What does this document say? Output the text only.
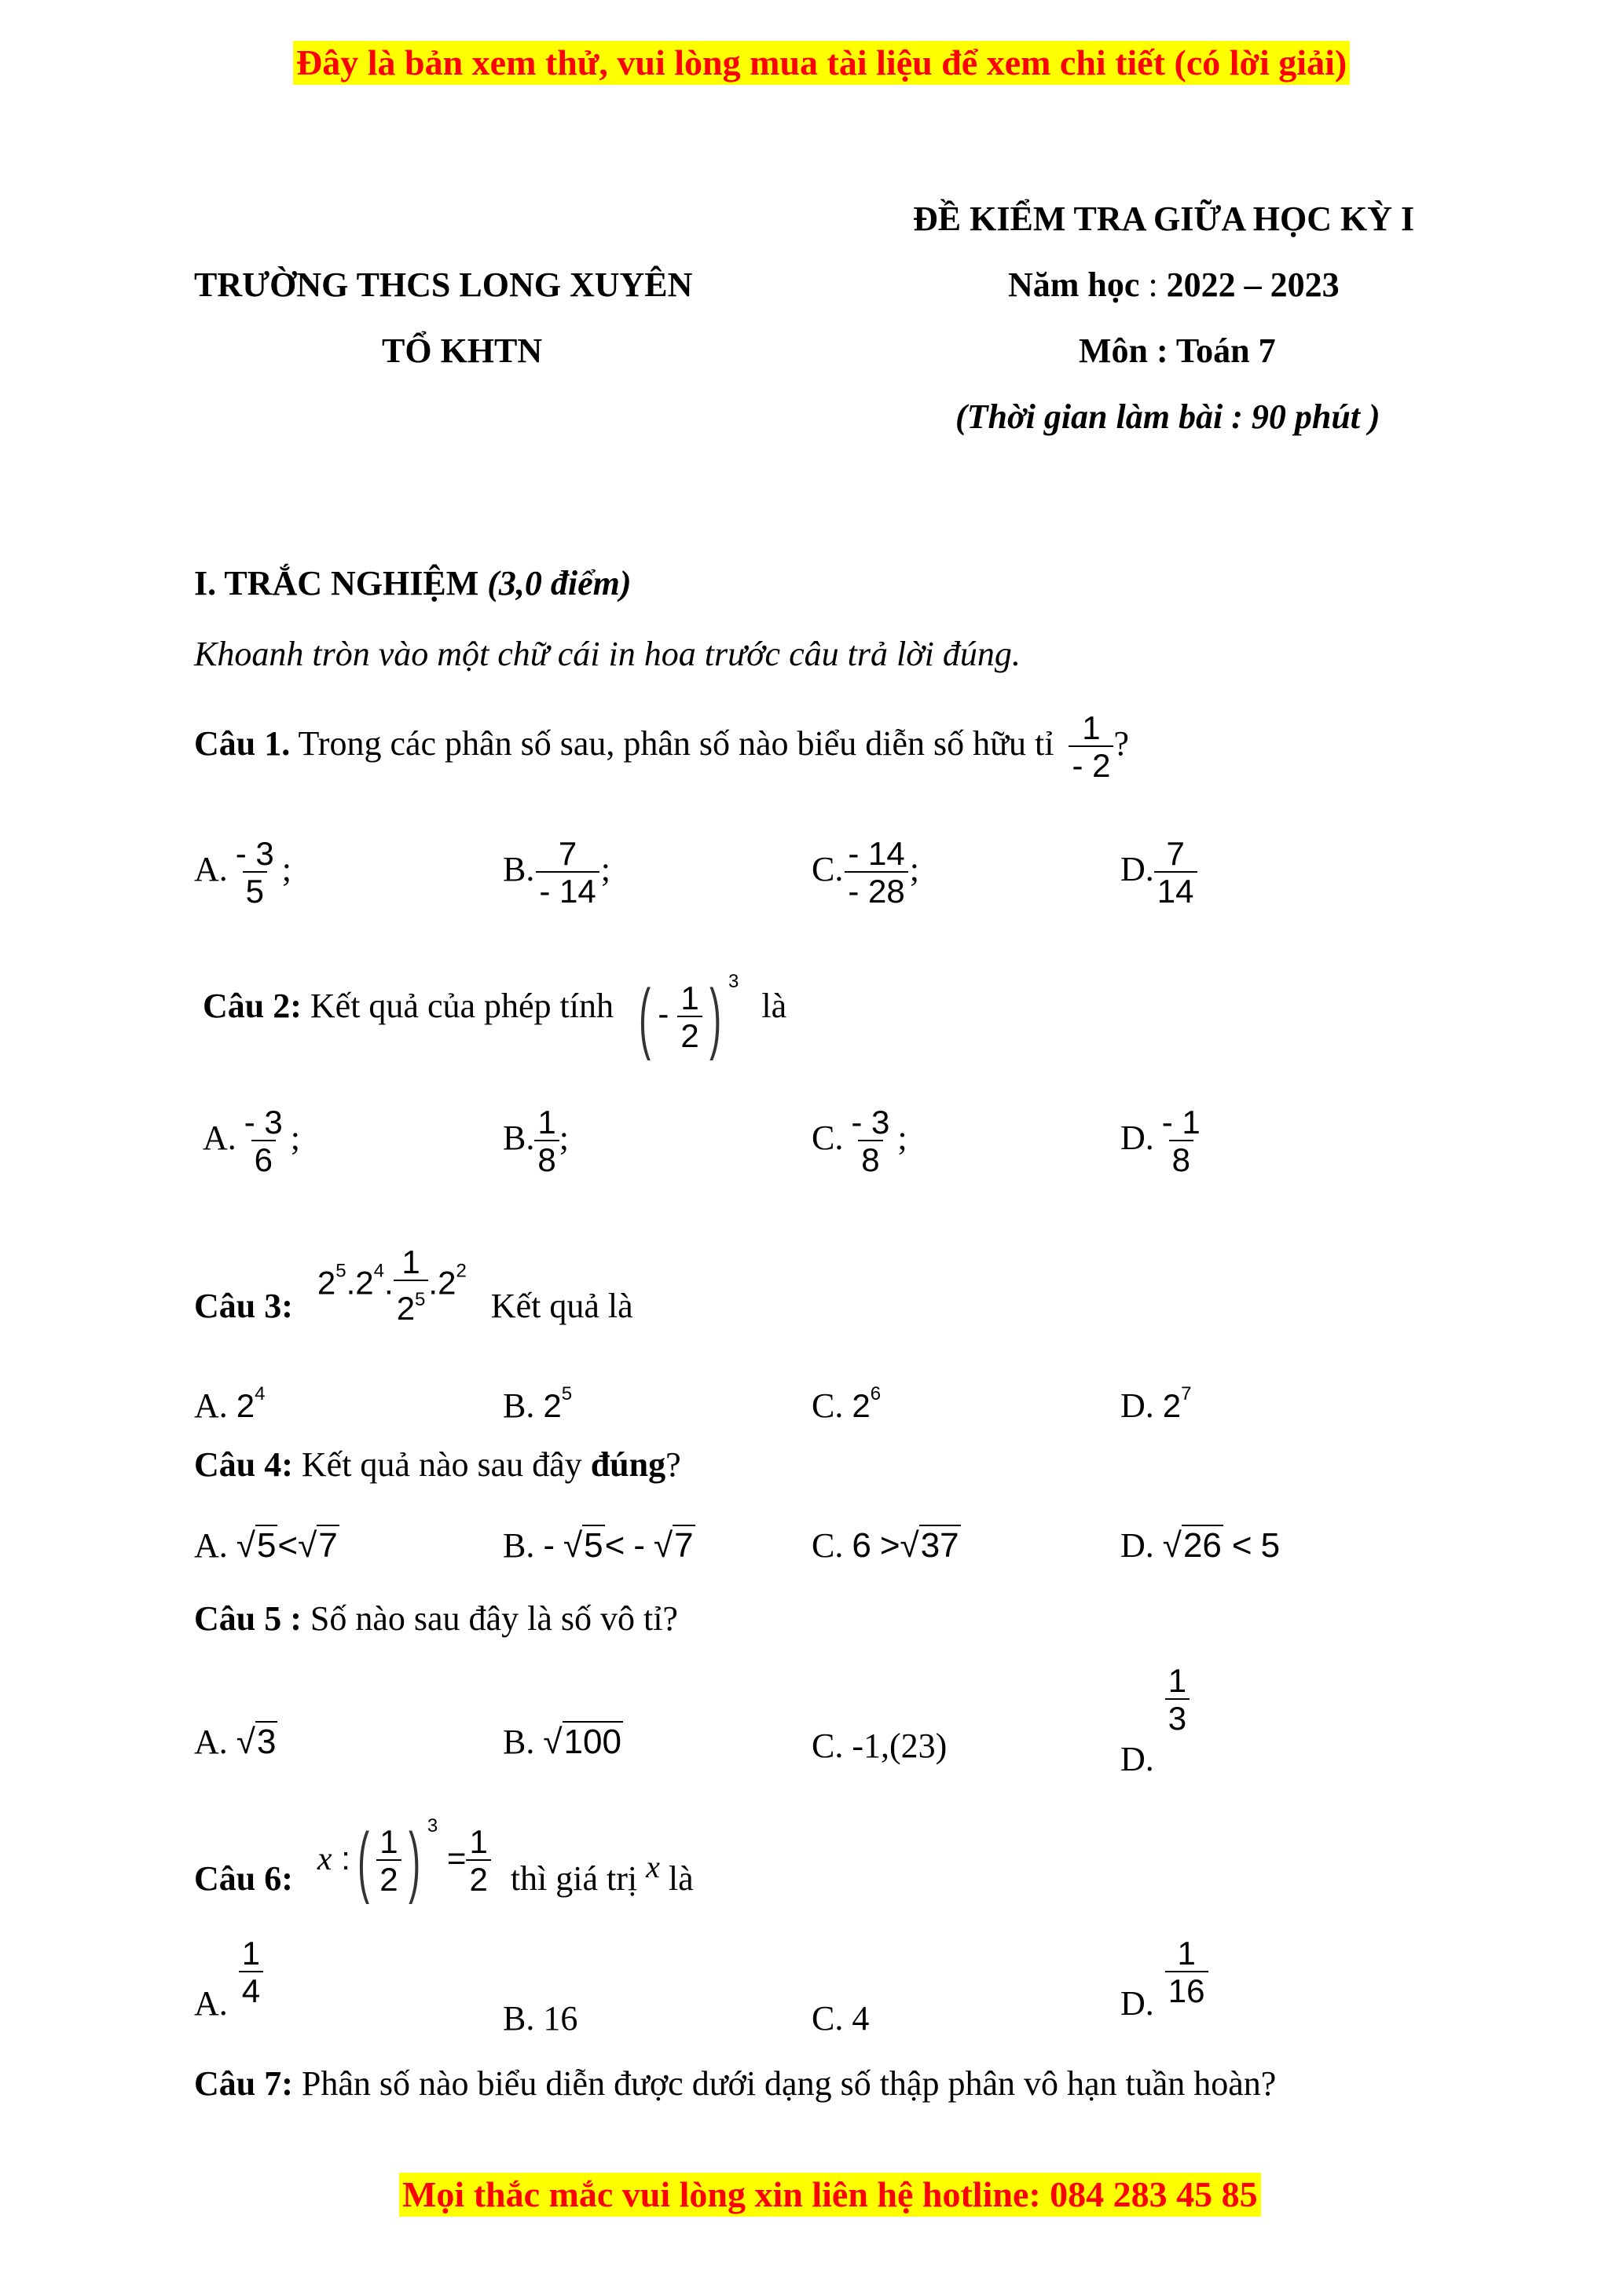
Đây là bản xem thử, vui lòng mua tài liệu để xem chi tiết (có lời giải)
ĐỀ KIỂM TRA GIỮA HỌC KỲ I
TRƯỜNG THCS LONG XUYÊN	Năm học : 2022 – 2023
TỔ KHTN	Môn : Toán 7
(Thời gian làm bài : 90 phút )
I. TRẮC NGHIỆM (3,0 điểm)
Khoanh tròn vào một chữ cái in hoa trước câu trả lời đúng.
Câu 1. Trong các phân số sau, phân số nào biểu diễn số hữu tỉ $\frac{1}{- 2}$ ?
A. $\frac{- 3}{5}$ ;	B. $\frac{7}{- 14}$ ;	C. $\frac{- 14}{- 28}$ ;	D. $\frac{7}{14}$
Câu 2: Kết quả của phép tính ( - $\frac{1}{2}$ ) $^3$ là
A. $\frac{- 3}{6}$ ;	B. $\frac{1}{8}$ ;	C. $\frac{- 3}{8}$ ;	D. $\frac{- 1}{8}$
Câu 3: $2^5.2^4$. $\frac{1}{2^5} .2^2$ Kết quả là
A. $2^4$	B. $2^5$	C. $2^6$	D. $2^7$
Câu 4: Kết quả nào sau đây đúng?
A. √5<√7	B. - √5< - √7	C. 6 >√37	D. √26 < 5
Câu 5 : Số nào sau đây là số vô tỉ?
A. √3	B. √100	C. -1,(23)	D.
$\frac{1}{3}$
Câu 6: x :( $\frac{1}{2}$ ) $^3 = \frac{1}{2}$ thì giá trị x là
A. $\frac{1}{4}$
B. 16	C. 4	D. $\frac{1}{16}$
Câu 7: Phân số nào biểu diễn được dưới dạng số thập phân vô hạn tuần hoàn?
Mọi thắc mắc vui lòng xin liên hệ hotline: 084 283 45 85
